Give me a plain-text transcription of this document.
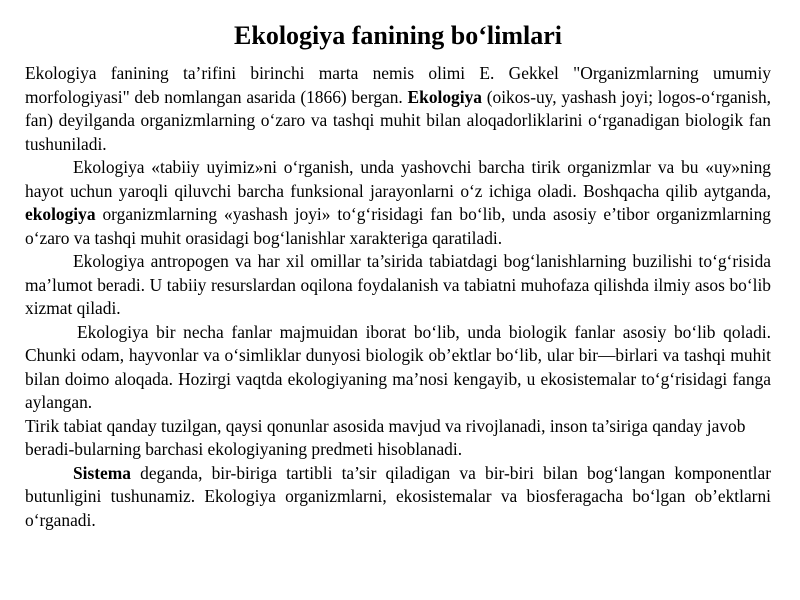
Ekologiya fanining bo‘limlari

Ekologiya fanining ta’rifini birinchi marta nemis olimi E. Gekkel "Organizmlarning umumiy morfologiyasi" deb nomlangan asarida (1866) bergan. Ekologiya (oikos-uy, yashash joyi; logos-o‘rganish, fan) deyilganda organizmlarning o‘zaro va tashqi muhit bilan aloqadorliklarini o‘rganadigan biologik fan tushuniladi.

Ekologiya «tabiiy uyimiz»ni o‘rganish, unda yashovchi barcha tirik organizmlar va bu «uy»ning hayot uchun yaroqli qiluvchi barcha funksional jarayonlarni o‘z ichiga oladi. Boshqacha qilib aytganda, ekologiya organizmlarning «yashash joyi» to‘g‘risidagi fan bo‘lib, unda asosiy e’tibor organizmlarning o‘zaro va tashqi muhit orasidagi bog‘lanishlar xarakteriga qaratiladi.

Ekologiya antropogen va har xil omillar ta’sirida tabiatdagi bog‘lanishlarning buzilishi to‘g‘risida ma’lumot beradi. U tabiiy resurslardan oqilona foydalanish va tabiatni muhofaza qilishda ilmiy asos bo‘lib xizmat qiladi.

Ekologiya bir necha fanlar majmuidan iborat bo‘lib, unda biologik fanlar asosiy bo‘lib qoladi. Chunki odam, hayvonlar va o‘simliklar dunyosi biologik ob’ektlar bo‘lib, ular bir—birlari va tashqi muhit bilan doimo aloqada. Hozirgi vaqtda ekologiyaning ma’nosi kengayib, u ekosistemalar to‘g‘risidagi fanga aylangan.

Tirik tabiat qanday tuzilgan, qaysi qonunlar asosida mavjud va rivojlanadi, inson ta’siriga qanday javob beradi-bularning barchasi ekologiyaning predmeti hisoblanadi.

Sistema deganda, bir-biriga tartibli ta’sir qiladigan va bir-biri bilan bog‘langan komponentlar butunligini tushunamiz. Ekologiya organizmlarni, ekosistemalar va biosferagacha bo‘lgan ob’ektlarni o‘rganadi.
